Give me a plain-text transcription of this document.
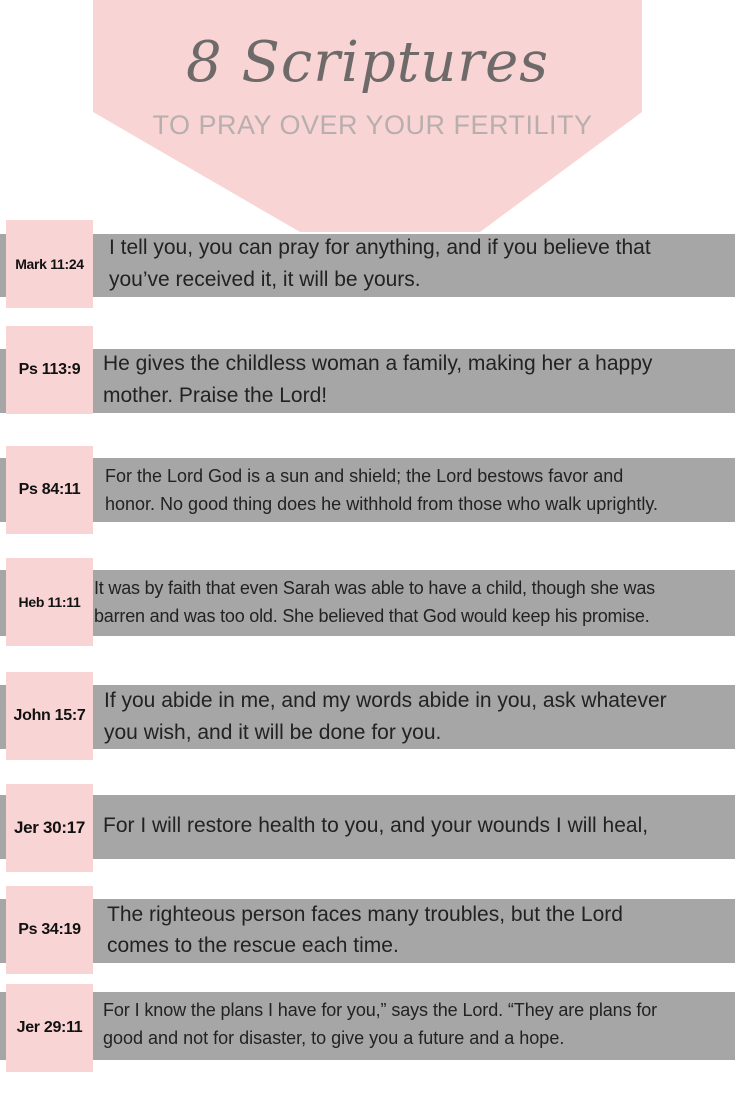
8 Scriptures
TO PRAY OVER YOUR FERTILITY
Mark 11:24
I tell you, you can pray for anything, and if you believe that
you’ve received it, it will be yours.
Ps 113:9	He gives the childless woman a family, making her a happy
mother. Praise the Lord!
Ps 84:11
For the Lord God is a sun and shield; the Lord bestows favor and
honor. No good thing does he withhold from those who walk uprightly.
Heb 11:11
It was by faith that even Sarah was able to have a child, though she was
barren and was too old. She believed that God would keep his promise.
John 15:7
If you abide in me, and my words abide in you, ask whatever
you wish, and it will be done for you.
Jer 30:17 For I will restore health to you, and your wounds I will heal,
Ps 34:19
The righteous person faces many troubles, but the Lord
comes to the rescue each time.
Jer 29:11
For I know the plans I have for you,” says the Lord. “They are plans for
good and not for disaster, to give you a future and a hope.
